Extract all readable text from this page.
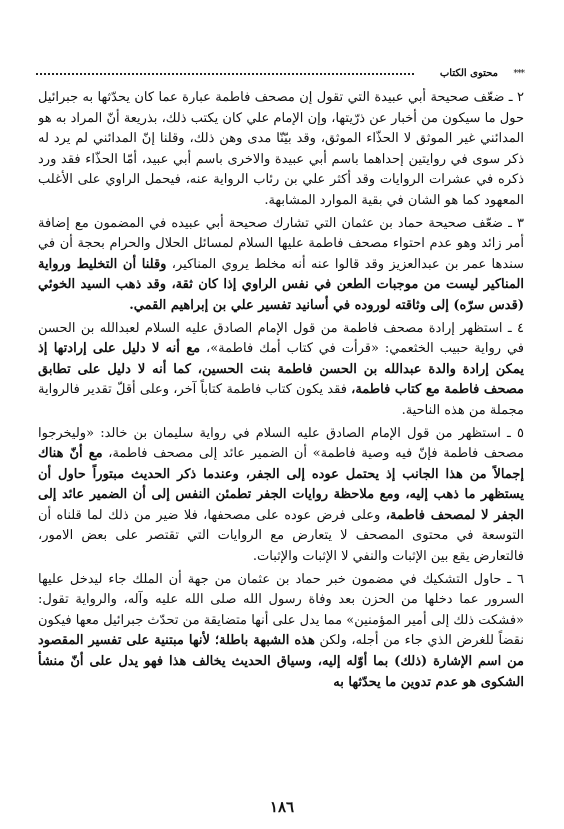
***
محتوى الكتاب

٢ ـ ضعّف صحيحة أبي عبيدة التي تقول إن مصحف فاطمة عبارة عما كان يحدّثها به جبرائيل حول ما سيكون من أخبار عن ذرّيتها، وإن الإمام علي كان يكتب ذلك، بذريعة أنّ المراد به هو المدائني غير الموثق لا الحذّاء الموثق، وقد بيّنّا مدى وهن ذلك، وقلنا إنّ المدائني لم يرد له ذكر سوى في روايتين إحداهما باسم أبي عبيدة والاخرى باسم أبي عبيد، أمّا الحذّاء فقد ورد ذكره في عشرات الروايات وقد أكثر علي بن رئاب الرواية عنه، فيحمل الراوي على الأغلب المعهود كما هو الشان في بقية الموارد المشابهة.

٣ ـ ضعّف صحيحة حماد بن عثمان التي تشارك صحيحة أبي عبيده في المضمون مع إضافة أمر زائد وهو عدم احتواء مصحف فاطمة عليها السلام لمسائل الحلال والحرام بحجة أن في سندها عمر بن عبدالعزيز وقد قالوا عنه أنه مخلط يروي المناكير، وقلنا أن التخليط ورواية المناكير ليست من موجبات الطعن في نفس الراوي إذا كان ثقة، وقد ذهب السيد الخوئي (قدس سرّه) إلى وثاقته لوروده في أسانيد تفسير علي بن إبراهيم القمي.

٤ ـ استظهر إرادة مصحف فاطمة من قول الإمام الصادق عليه السلام لعبدالله بن الحسن في رواية حبيب الخثعمي: «قرأت في كتاب أمك فاطمة»، مع أنه لا دليل على إرادتها إذ يمكن إرادة والدة عبدالله بن الحسن فاطمة بنت الحسين، كما أنه لا دليل على تطابق مصحف فاطمة مع كتاب فاطمة، فقد يكون كتاب فاطمة كتاباً آخر، وعلى أقلّ تقدير فالرواية مجملة من هذه الناحية.

٥ ـ استظهر من قول الإمام الصادق عليه السلام في رواية سليمان بن خالد: «وليخرجوا مصحف فاطمة فإنّ فيه وصية فاطمة» أن الضمير عائد إلى مصحف فاطمة، مع أنّ هناك إجمالاً من هذا الجانب إذ يحتمل عوده إلى الجفر، وعندما ذكر الحديث مبتوراً حاول أن يستظهر ما ذهب إليه، ومع ملاحظة روايات الجفر تطمئن النفس إلى أن الضمير عائد إلى الجفر لا لمصحف فاطمة، وعلى فرض عوده على مصحفها، فلا ضير من ذلك لما قلناه أن التوسعة في محتوى المصحف لا يتعارض مع الروايات التي تقتصر على بعض الامور، فالتعارض يقع بين الإثبات والنفي لا الإثبات والإثبات.

٦ ـ حاول التشكيك في مضمون خبر حماد بن عثمان من جهة أن الملك جاء ليدخل عليها السرور عما دخلها من الحزن بعد وفاة رسول الله صلى الله عليه وآله، والرواية تقول: «فشكت ذلك إلى أمير المؤمنين» مما يدل على أنها متضايقة من تحدّث جبرائيل معها فيكون نقضاً للغرض الذي جاء من أجله، ولكن هذه الشبهة باطلة؛ لأنها مبتنية على تفسير المقصود من اسم الإشارة (ذلك) بما أوّله إليه، وسياق الحديث يخالف هذا فهو يدل على أنّ منشأ الشكوى هو عدم تدوين ما يحدّثها به

١٨٦
